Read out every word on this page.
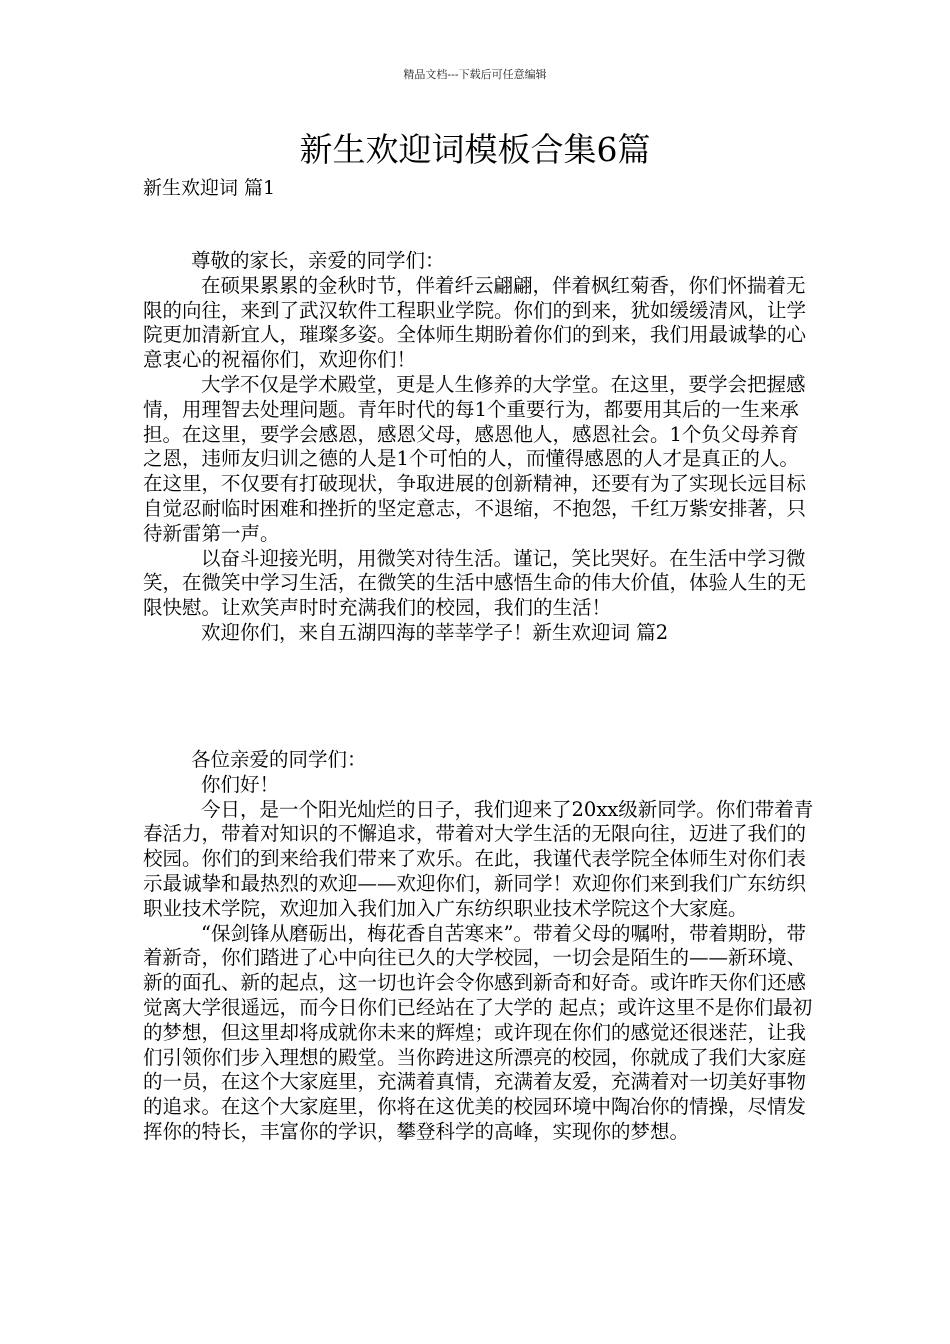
精品文档---下载后可任意编辑
新生欢迎词模板合集6篇
新生欢迎词 篇1

尊敬的家长，亲爱的同学们：

在硕果累累的金秋时节，伴着纤云翩翩，伴着枫红菊香，你们怀揣着无限的向往，来到了武汉软件工程职业学院。你们的到来，犹如缓缓清风，让学院更加清新宜人，璀璨多姿。全体师生期盼着你们的到来，我们用最诚挚的心意衷心的祝福你们，欢迎你们！

大学不仅是学术殿堂，更是人生修养的大学堂。在这里，要学会把握感情，用理智去处理问题。青年时代的每1个重要行为，都要用其后的一生来承担。在这里，要学会感恩，感恩父母，感恩他人，感恩社会。1个负父母养育之恩，违师友归训之德的人是1个可怕的人，而懂得感恩的人才是真正的人。在这里，不仅要有打破现状，争取进展的创新精神，还要有为了实现长远目标自觉忍耐临时困难和挫折的坚定意志，不退缩，不抱怨，千红万紫安排著，只待新雷第一声。

以奋斗迎接光明，用微笑对待生活。谨记，笑比哭好。在生活中学习微笑，在微笑中学习生活，在微笑的生活中感悟生命的伟大价值，体验人生的无限快慰。让欢笑声时时充满我们的校园，我们的生活！

欢迎你们，来自五湖四海的莘莘学子！新生欢迎词 篇2

各位亲爱的同学们：

你们好！

今日，是一个阳光灿烂的日子，我们迎来了20xx级新同学。你们带着青春活力，带着对知识的不懈追求，带着对大学生活的无限向往，迈进了我们的校园。你们的到来给我们带来了欢乐。在此，我谨代表学院全体师生对你们表示最诚挚和最热烈的欢迎——欢迎你们，新同学！欢迎你们来到我们广东纺织职业技术学院，欢迎加入我们加入广东纺织职业技术学院这个大家庭。

“保剑锋从磨砺出，梅花香自苦寒来”。带着父母的嘱咐，带着期盼，带着新奇，你们踏进了心中向往已久的大学校园，一切会是陌生的——新环境、新的面孔、新的起点，这一切也许会令你感到新奇和好奇。或许昨天你们还感觉离大学很遥远，而今日你们已经站在了大学的 起点；或许这里不是你们最初的梦想，但这里却将成就你未来的辉煌；或许现在你们的感觉还很迷茫，让我们引领你们步入理想的殿堂。当你跨进这所漂亮的校园，你就成了我们大家庭的一员，在这个大家庭里，充满着真情，充满着友爱，充满着对一切美好事物的追求。在这个大家庭里，你将在这优美的校园环境中陶冶你的情操，尽情发挥你的特长，丰富你的学识，攀登科学的高峰，实现你的梦想。
